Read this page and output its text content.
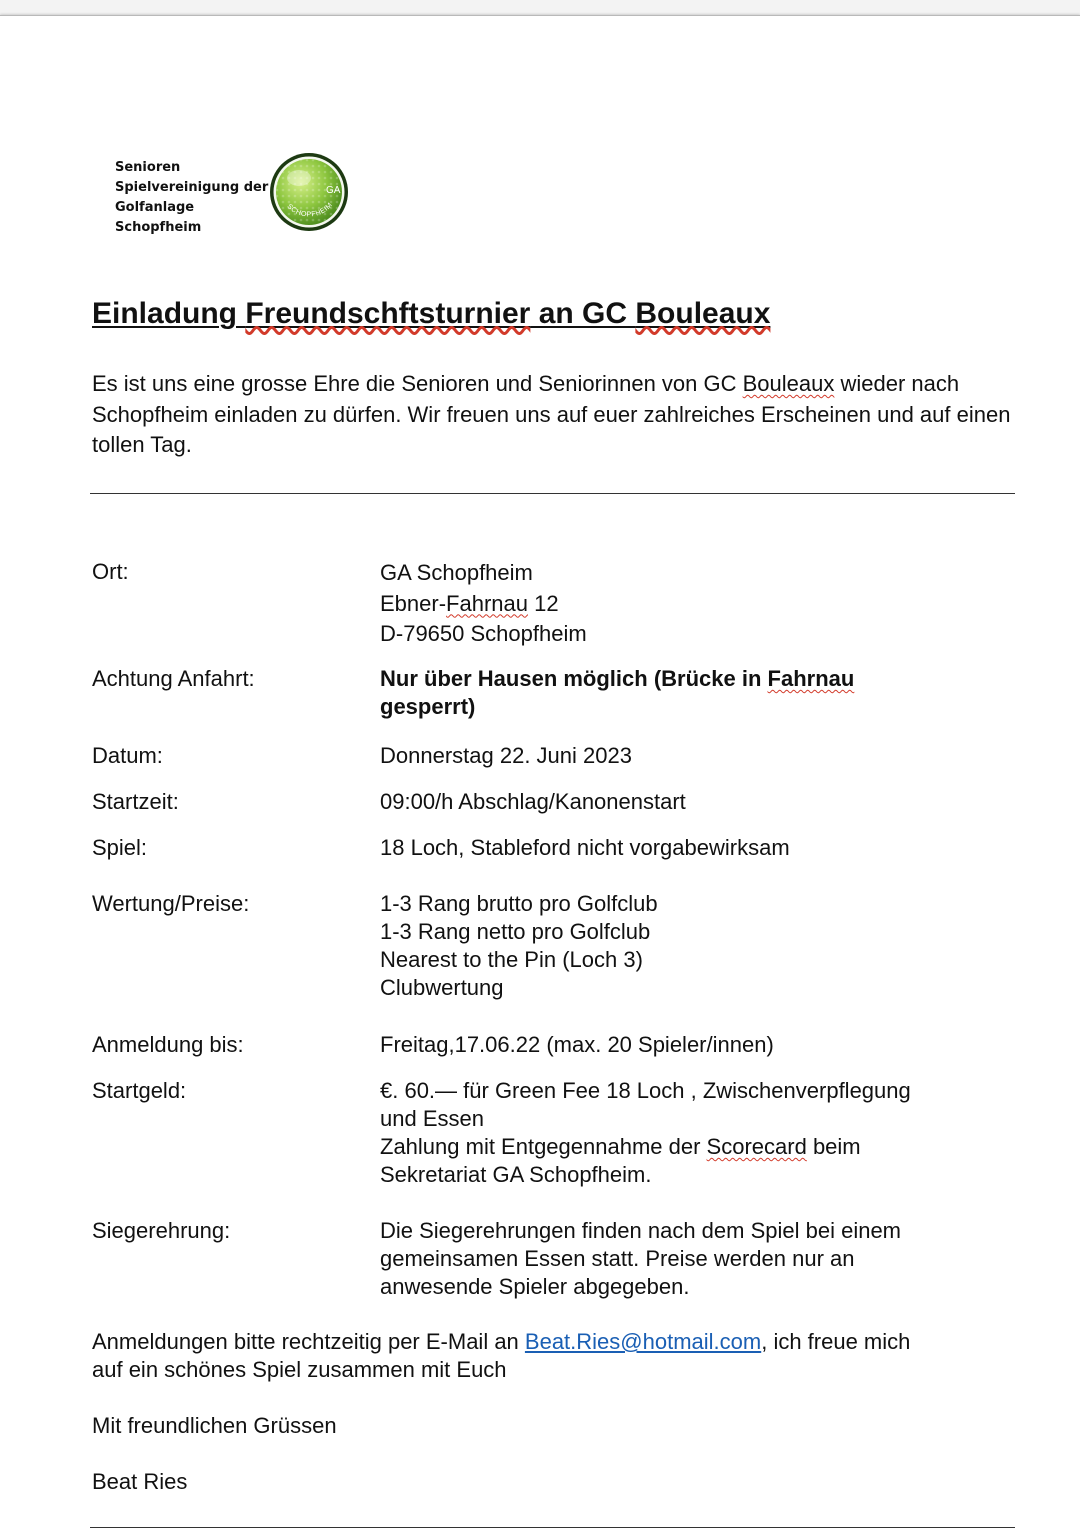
Senioren
Spielvereinigung der
Golfanlage
Schopfheim
GA
SCHOPFHEIM
Einladung Freundschftsturnier an GC Bouleaux

Es ist uns eine grosse Ehre die Senioren und Seniorinnen von GC Bouleaux wieder nach Schopfheim einladen zu dürfen. Wir freuen uns auf euer zahlreiches Erscheinen und auf einen tollen Tag.

Ort:	GA Schopfheim
Ebner-Fahrnau 12
D-79650 Schopfheim
Achtung Anfahrt:	Nur über Hausen möglich (Brücke in Fahrnau
gesperrt)
Datum:	Donnerstag 22. Juni 2023
Startzeit:	09:00/h Abschlag/Kanonenstart
Spiel:	18 Loch, Stableford nicht vorgabewirksam
Wertung/Preise:	1-3 Rang brutto pro Golfclub
1-3 Rang netto pro Golfclub
Nearest to the Pin (Loch 3)
Clubwertung
Anmeldung bis:	Freitag,17.06.22 (max. 20 Spieler/innen)
Startgeld:	€. 60.— für Green Fee 18 Loch , Zwischenverpflegung
und Essen
Zahlung mit Entgegennahme der Scorecard beim
Sekretariat GA Schopfheim.
Siegerehrung:	Die Siegerehrungen finden nach dem Spiel bei einem
gemeinsamen Essen statt. Preise werden nur an
anwesende Spieler abgegeben.

Anmeldungen bitte rechtzeitig per E-Mail an Beat.Ries@hotmail.com, ich freue mich
auf ein schönes Spiel zusammen mit Euch

Mit freundlichen Grüssen

Beat Ries
